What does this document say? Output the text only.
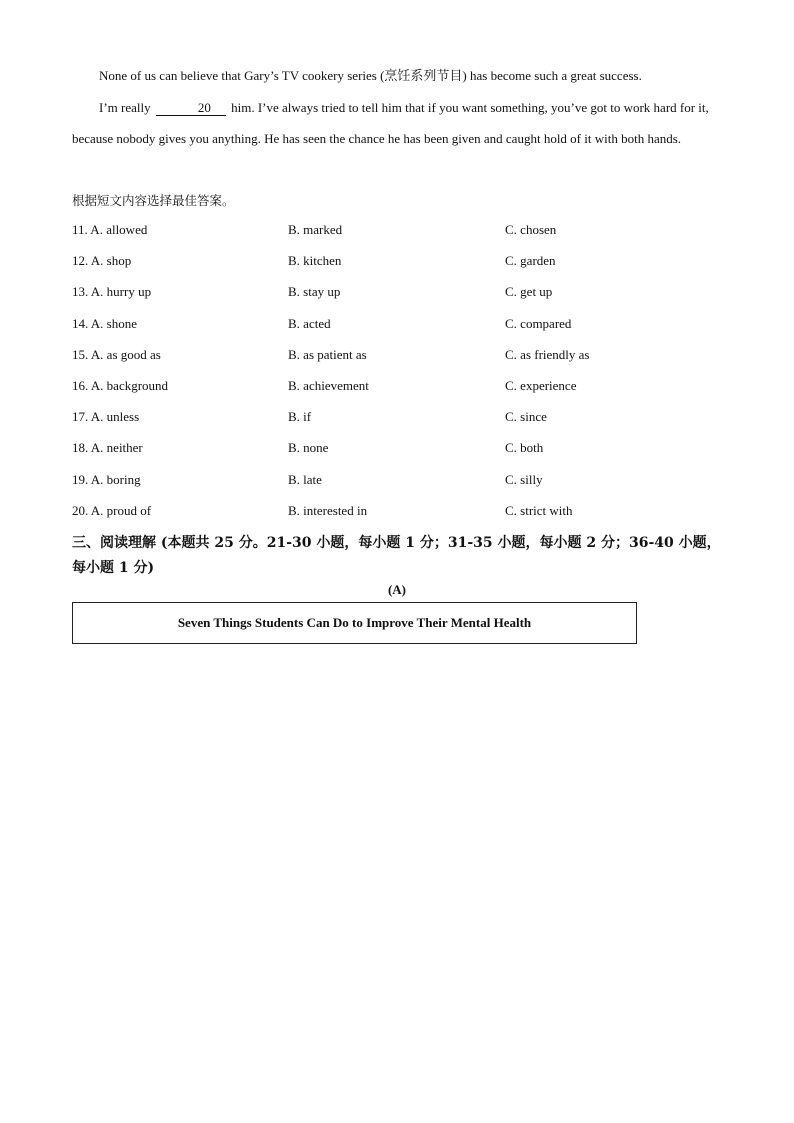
None of us can believe that Gary’s TV cookery series (烹饪系列节目) has become such a great success.

I’m really	20 him. I’ve always tried to tell him that if you want something, you’ve got to work hard for it, because nobody gives you anything. He has seen the chance he has been given and caught hold of it with both hands.

根据短文内容选择最佳答案。
11. A. allowed	B. marked	C. chosen
12. A. shop	B. kitchen	C. garden
13. A. hurry up	B. stay up	C. get up
14. A. shone	B. acted	C. compared
15. A. as good as	B. as patient as	C. as friendly as
16. A. background	B. achievement	C. experience
17. A. unless	B. if	C. since
18. A. neither	B. none	C. both
19. A. boring	B. late	C. silly
20. A. proud of	B. interested in	C. strict with

三、阅读理解 (本题共 25 分。21-30 小题，每小题 1 分；31-35 小题，每小题 2 分；36-40 小题，每小题 1 分)

(A)
Seven Things Students Can Do to Improve Their Mental Health
